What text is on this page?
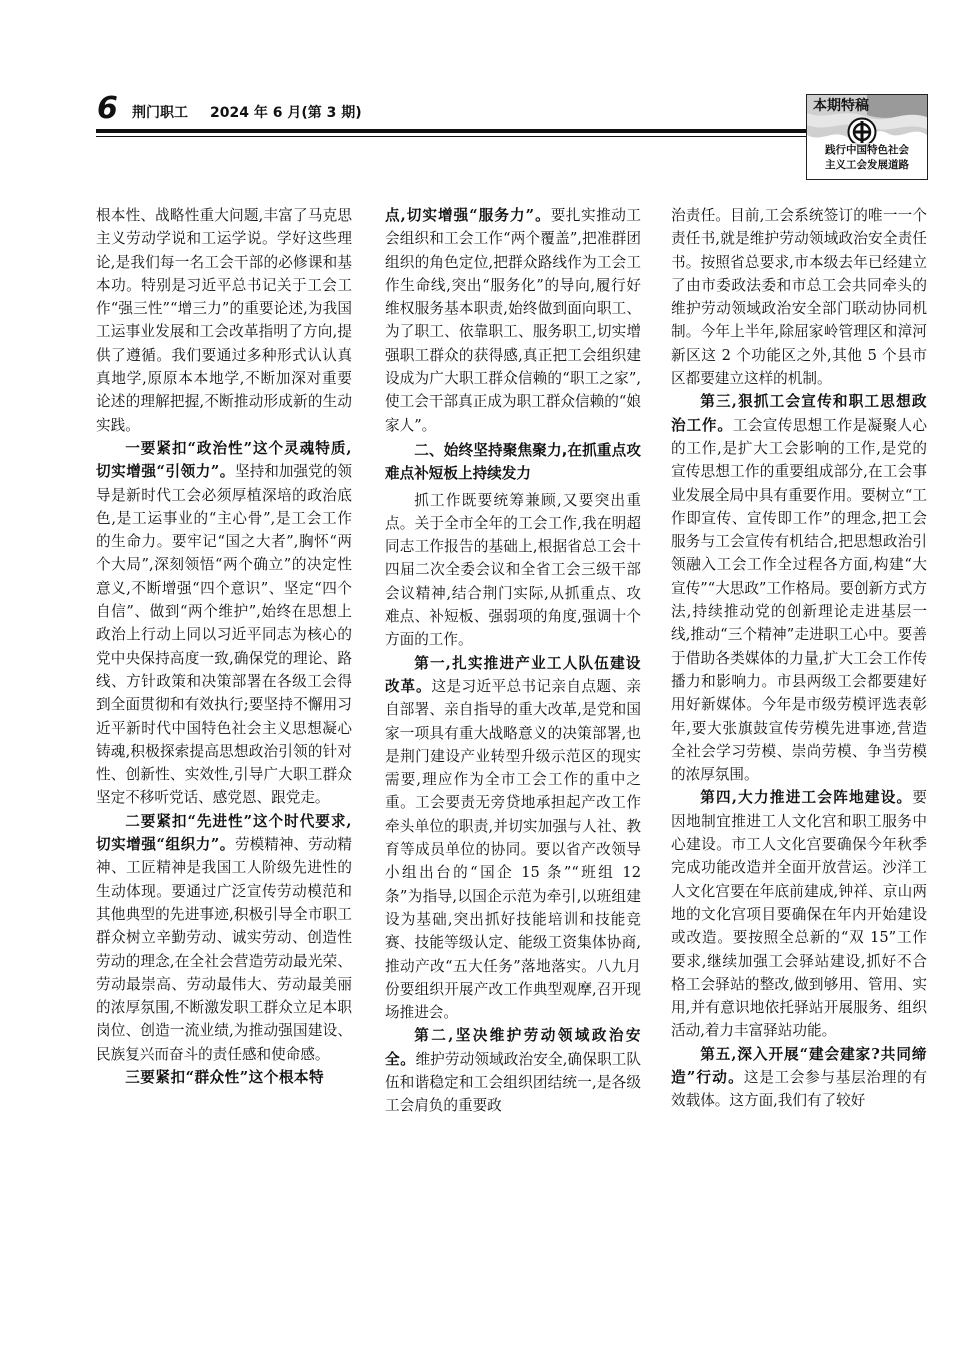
6 荆门职工 2024 年 6 月(第 3 期)	本期特稿
践行中国特色社会
主义工会发展道路

根本性、战略性重大问题,丰富了马克思主义劳动学说和工运学说。学好这些理论,是我们每一名工会干部的必修课和基本功。特别是习近平总书记关于工会工作“强三性”“增三力”的重要论述,为我国工运事业发展和工会改革指明了方向,提供了遵循。我们要通过多种形式认认真真地学,原原本本地学,不断加深对重要论述的理解把握,不断推动形成新的生动实践。

一要紧扣“政治性”这个灵魂特质,切实增强“引领力”。坚持和加强党的领导是新时代工会必须厚植深培的政治底色,是工运事业的“主心骨”,是工会工作的生命力。要牢记“国之大者”,胸怀“两个大局”,深刻领悟“两个确立”的决定性意义,不断增强“四个意识”、坚定“四个自信”、做到“两个维护”,始终在思想上政治上行动上同以习近平同志为核心的党中央保持高度一致,确保党的理论、路线、方针政策和决策部署在各级工会得到全面贯彻和有效执行;要坚持不懈用习近平新时代中国特色社会主义思想凝心铸魂,积极探索提高思想政治引领的针对性、创新性、实效性,引导广大职工群众坚定不移听党话、感党恩、跟党走。

二要紧扣“先进性”这个时代要求,切实增强“组织力”。劳模精神、劳动精神、工匠精神是我国工人阶级先进性的生动体现。要通过广泛宣传劳动模范和其他典型的先进事迹,积极引导全市职工群众树立辛勤劳动、诚实劳动、创造性劳动的理念,在全社会营造劳动最光荣、劳动最崇高、劳动最伟大、劳动最美丽的浓厚氛围,不断激发职工群众立足本职岗位、创造一流业绩,为推动强国建设、民族复兴而奋斗的责任感和使命感。

三要紧扣“群众性”这个根本特

点,切实增强“服务力”。要扎实推动工会组织和工会工作“两个覆盖”,把准群团组织的角色定位,把群众路线作为工会工作生命线,突出“服务化”的导向,履行好维权服务基本职责,始终做到面向职工、为了职工、依靠职工、服务职工,切实增强职工群众的获得感,真正把工会组织建设成为广大职工群众信赖的“职工之家”,使工会干部真正成为职工群众信赖的“娘家人”。

二、始终坚持聚焦聚力,在抓重点攻难点补短板上持续发力

抓工作既要统筹兼顾,又要突出重点。关于全市全年的工会工作,我在明超同志工作报告的基础上,根据省总工会十四届二次全委会议和全省工会三级干部会议精神,结合荆门实际,从抓重点、攻难点、补短板、强弱项的角度,强调十个方面的工作。

第一,扎实推进产业工人队伍建设改革。这是习近平总书记亲自点题、亲自部署、亲自指导的重大改革,是党和国家一项具有重大战略意义的决策部署,也是荆门建设产业转型升级示范区的现实需要,理应作为全市工会工作的重中之重。工会要责无旁贷地承担起产改工作牵头单位的职责,并切实加强与人社、教育等成员单位的协同。要以省产改领导小组出台的“国企 15 条”“班组 12 条”为指导,以国企示范为牵引,以班组建设为基础,突出抓好技能培训和技能竞赛、技能等级认定、能级工资集体协商,推动产改“五大任务”落地落实。八九月份要组织开展产改工作典型观摩,召开现场推进会。

第二,坚决维护劳动领域政治安全。维护劳动领域政治安全,确保职工队伍和谐稳定和工会组织团结统一,是各级工会肩负的重要政

治责任。目前,工会系统签订的唯一一个责任书,就是维护劳动领域政治安全责任书。按照省总要求,市本级去年已经建立了由市委政法委和市总工会共同牵头的维护劳动领域政治安全部门联动协同机制。今年上半年,除屈家岭管理区和漳河新区这 2 个功能区之外,其他 5 个县市区都要建立这样的机制。

第三,狠抓工会宣传和职工思想政治工作。工会宣传思想工作是凝聚人心的工作,是扩大工会影响的工作,是党的宣传思想工作的重要组成部分,在工会事业发展全局中具有重要作用。要树立“工作即宣传、宣传即工作”的理念,把工会服务与工会宣传有机结合,把思想政治引领融入工会工作全过程各方面,构建“大宣传”“大思政”工作格局。要创新方式方法,持续推动党的创新理论走进基层一线,推动“三个精神”走进职工心中。要善于借助各类媒体的力量,扩大工会工作传播力和影响力。市县两级工会都要建好用好新媒体。今年是市级劳模评选表彰年,要大张旗鼓宣传劳模先进事迹,营造全社会学习劳模、崇尚劳模、争当劳模的浓厚氛围。

第四,大力推进工会阵地建设。要因地制宜推进工人文化宫和职工服务中心建设。市工人文化宫要确保今年秋季完成功能改造并全面开放营运。沙洋工人文化宫要在年底前建成,钟祥、京山两地的文化宫项目要确保在年内开始建设或改造。要按照全总新的“双 15”工作要求,继续加强工会驿站建设,抓好不合格工会驿站的整改,做到够用、管用、实用,并有意识地依托驿站开展服务、组织活动,着力丰富驿站功能。

第五,深入开展“建会建家?共同缔造”行动。这是工会参与基层治理的有效载体。这方面,我们有了较好
